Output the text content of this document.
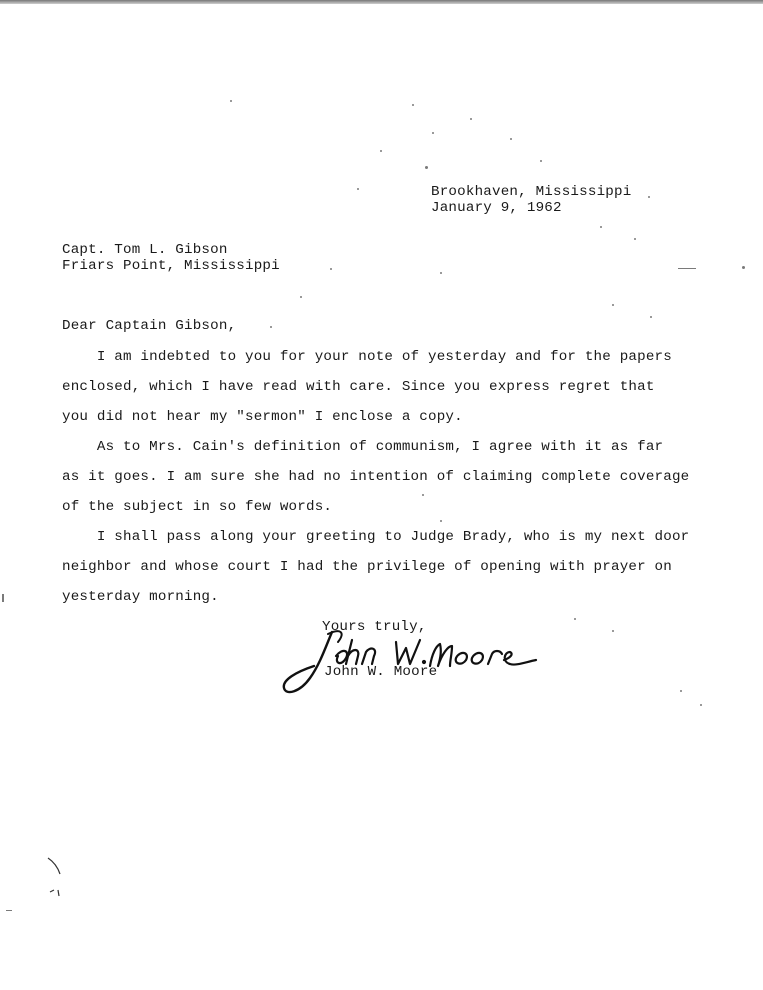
Brookhaven, Mississippi
January 9, 1962
Capt. Tom L. Gibson
Friars Point, Mississippi
Dear Captain Gibson,
I am indebted to you for your note of yesterday and for the papers
enclosed, which I have read with care. Since you express regret that
you did not hear my "sermon" I enclose a copy.
As to Mrs. Cain's definition of communism, I agree with it as far
as it goes. I am sure she had no intention of claiming complete coverage
of the subject in so few words.
I shall pass along your greeting to Judge Brady, who is my next door
neighbor and whose court I had the privilege of opening with prayer on
yesterday morning.
Yours truly,
John W. Moore
